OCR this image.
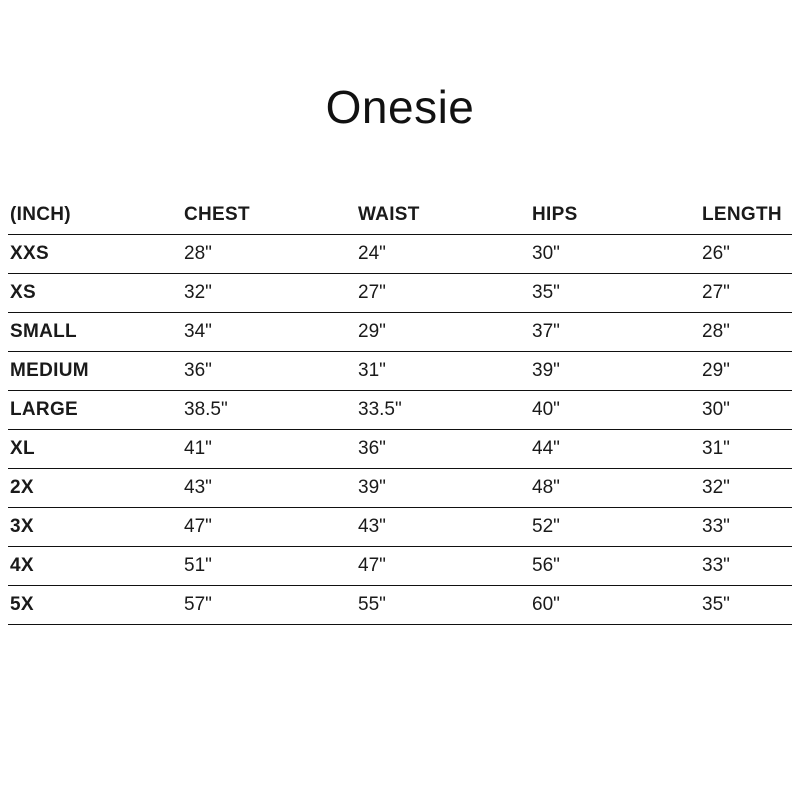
Onesie
(INCH)	CHEST	WAIST	HIPS	LENGTH
XXS	28"	24"	30"	26"
XS	32"	27"	35"	27"
SMALL	34"	29"	37"	28"
MEDIUM	36"	31"	39"	29"
LARGE	38.5"	33.5"	40"	30"
XL	41"	36"	44"	31"
2X	43"	39"	48"	32"
3X	47"	43"	52"	33"
4X	51"	47"	56"	33"
5X	57"	55"	60"	35"
